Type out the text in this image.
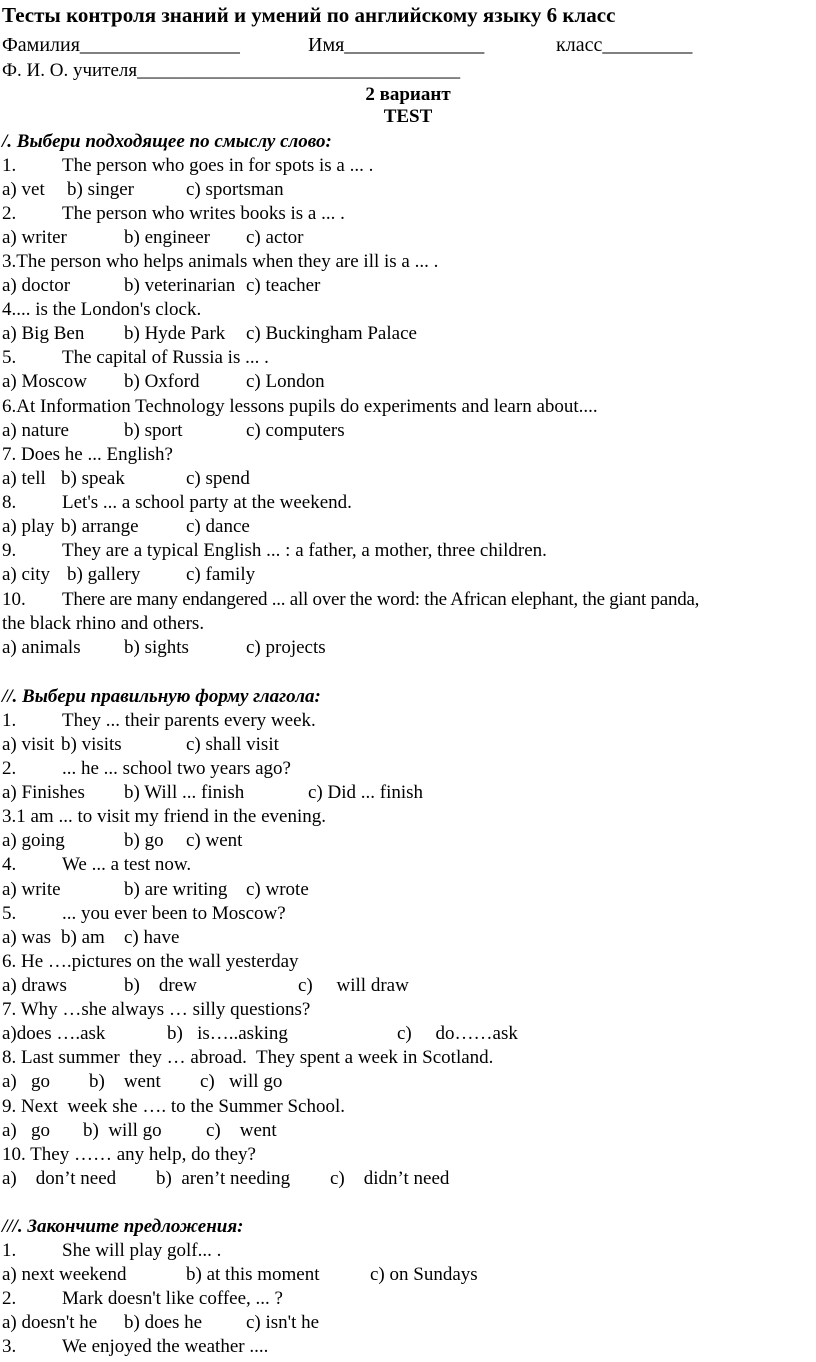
Тесты контроля знаний и умений по английскому языку 6 класс

Фамилия________________

	Имя______________

	класс_________

Ф. И. О. учителя__________________________________
2 вариант
TEST
/. Выбери подходящее по смыслу слово:
1. The person who goes in for spots is a ... .
a) vet b) singer	c) sportsman
2. The person who writes books is a ... .
a) writer	b) engineer c) actor
3.The person who helps animals when they are ill is a ... .
a) doctor	b) veterinarian c) teacher
4.... is the London's clock.
a) Big Ben b) Hyde Park c) Buckingham Palace
5. The capital of Russia is ... .
a) Moscow b) Oxford c) London
6.At Information Technology lessons pupils do experiments and learn about....
a) nature	b) sport	c) computers
7. Does he ... English?
a) tell b) speak	c) spend
8. Let's ... a school party at the weekend.
a) play b) arrange c) dance
9. They are a typical English ... : a father, a mother, three children.
a) city b) gallery c) family
10. There are many endangered ... all over the word: the African elephant, the giant panda,
the black rhino and others.
a) animals b) sights	c) projects
//. Выбери правильную форму глагола:
1. They ... their parents every week.
a) visit b) visits	c) shall visit
2. ... he ... school two years ago?
a) Finishes b) Will ... finish	c) Did ... finish
3.1 am ... to visit my friend in the evening.
a) going	b) go c) went
4. We ... a test now.
a) write	b) are writing c) wrote
5. ... you ever been to Moscow?
a) was b) am c) have
6. He ….pictures on the wall yesterday
a) draws	b)    drew	c)     will draw
7. Why …she always … silly questions?
a)does ….ask	b)   is…..asking	c)     do……ask
8. Last summer  they … abroad.  They spent a week in Scotland.
a)   go b)    went c)   will go
9. Next  week she …. to the Summer School.
a)   go b)  will go c)    went
10. They …… any help, do they?
a)    don’t need b)  aren’t needing c)    didn’t need
///. Закончите предложения:
1. She will play golf... .
a) next weekend	b) at this moment	c) on Sundays
2. Mark doesn't like coffee, ... ?
a) doesn't he b) does he c) isn't he
3. We enjoyed the weather ....
